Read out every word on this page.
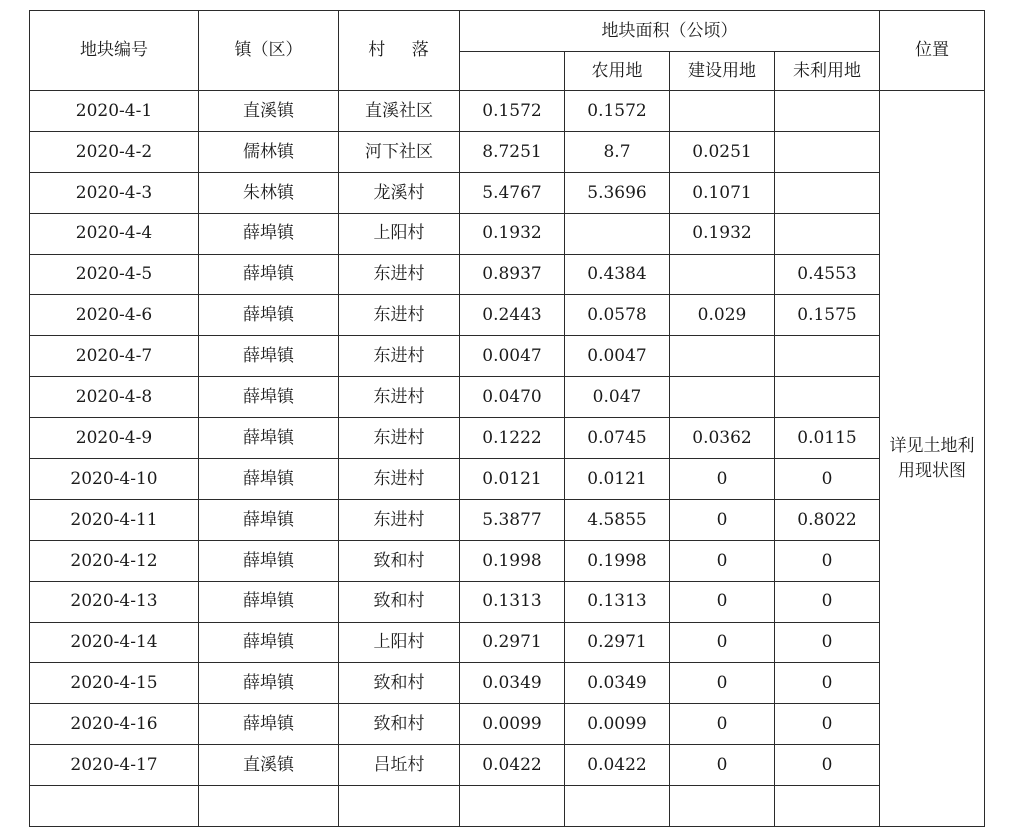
地块编号	镇（区）	村    落	地块面积（公顷）				位置
				农用地	建设用地	未利用地	
2020-4-1	直溪镇	直溪社区	0.1572	0.1572			详见土地利用现状图
2020-4-2	儒林镇	河下社区	8.7251	8.7	0.0251		
2020-4-3	朱林镇	龙溪村	5.4767	5.3696	0.1071		
2020-4-4	薛埠镇	上阳村	0.1932		0.1932		
2020-4-5	薛埠镇	东进村	0.8937	0.4384		0.4553	
2020-4-6	薛埠镇	东进村	0.2443	0.0578	0.029	0.1575	
2020-4-7	薛埠镇	东进村	0.0047	0.0047			
2020-4-8	薛埠镇	东进村	0.0470	0.047			
2020-4-9	薛埠镇	东进村	0.1222	0.0745	0.0362	0.0115	
2020-4-10	薛埠镇	东进村	0.0121	0.0121	0	0	
2020-4-11	薛埠镇	东进村	5.3877	4.5855	0	0.8022	
2020-4-12	薛埠镇	致和村	0.1998	0.1998	0	0	
2020-4-13	薛埠镇	致和村	0.1313	0.1313	0	0	
2020-4-14	薛埠镇	上阳村	0.2971	0.2971	0	0	
2020-4-15	薛埠镇	致和村	0.0349	0.0349	0	0	
2020-4-16	薛埠镇	致和村	0.0099	0.0099	0	0	
2020-4-17	直溪镇	吕坵村	0.0422	0.0422	0	0	
